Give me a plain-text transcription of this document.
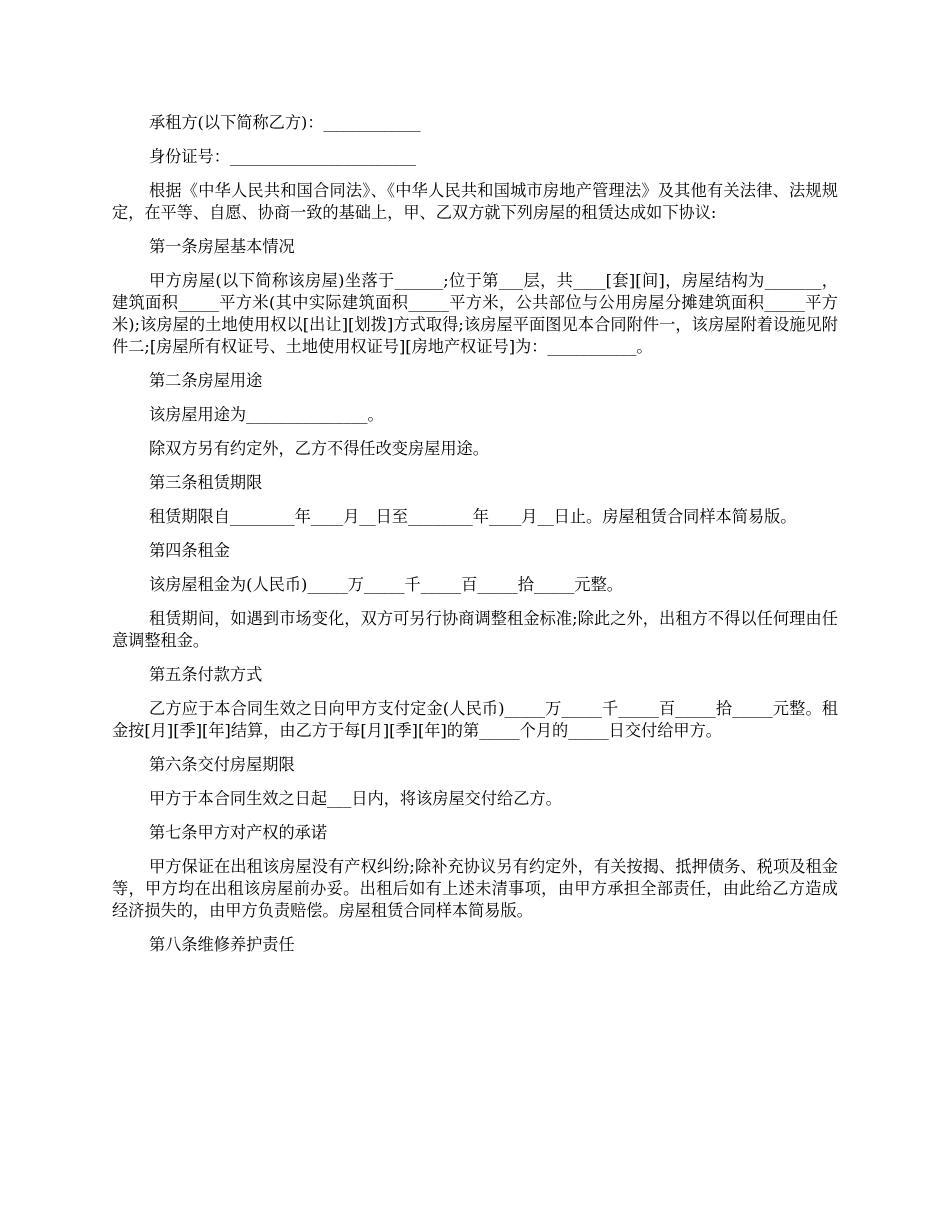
承租方(以下简称乙方)：____________

身份证号：_______________________

根据《中华人民共和国合同法》、《中华人民共和国城市房地产管理法》及其他有关法律、法规规定，在平等、自愿、协商一致的基础上，甲、乙双方就下列房屋的租赁达成如下协议:

第一条房屋基本情况

甲方房屋(以下简称该房屋)坐落于______;位于第___层，共____[套][间]，房屋结构为_______，建筑面积_____平方米(其中实际建筑面积_____平方米，公共部位与公用房屋分摊建筑面积_____平方米);该房屋的土地使用权以[出让][划拨]方式取得;该房屋平面图见本合同附件一，该房屋附着设施见附件二;[房屋所有权证号、土地使用权证号][房地产权证号]为：___________。

第二条房屋用途

该房屋用途为_______________。

除双方另有约定外，乙方不得任改变房屋用途。

第三条租赁期限

租赁期限自________年____月__日至________年____月__日止。房屋租赁合同样本简易版。

第四条租金

该房屋租金为(人民币)_____万_____千_____百_____拾_____元整。

租赁期间，如遇到市场变化，双方可另行协商调整租金标准;除此之外，出租方不得以任何理由任意调整租金。

第五条付款方式

乙方应于本合同生效之日向甲方支付定金(人民币)_____万_____千_____百_____拾_____元整。租金按[月][季][年]结算，由乙方于每[月][季][年]的第_____个月的_____日交付给甲方。

第六条交付房屋期限

甲方于本合同生效之日起___日内，将该房屋交付给乙方。

第七条甲方对产权的承诺

甲方保证在出租该房屋没有产权纠纷;除补充协议另有约定外，有关按揭、抵押债务、税项及租金等，甲方均在出租该房屋前办妥。出租后如有上述未清事项，由甲方承担全部责任，由此给乙方造成经济损失的，由甲方负责赔偿。房屋租赁合同样本简易版。

第八条维修养护责任
